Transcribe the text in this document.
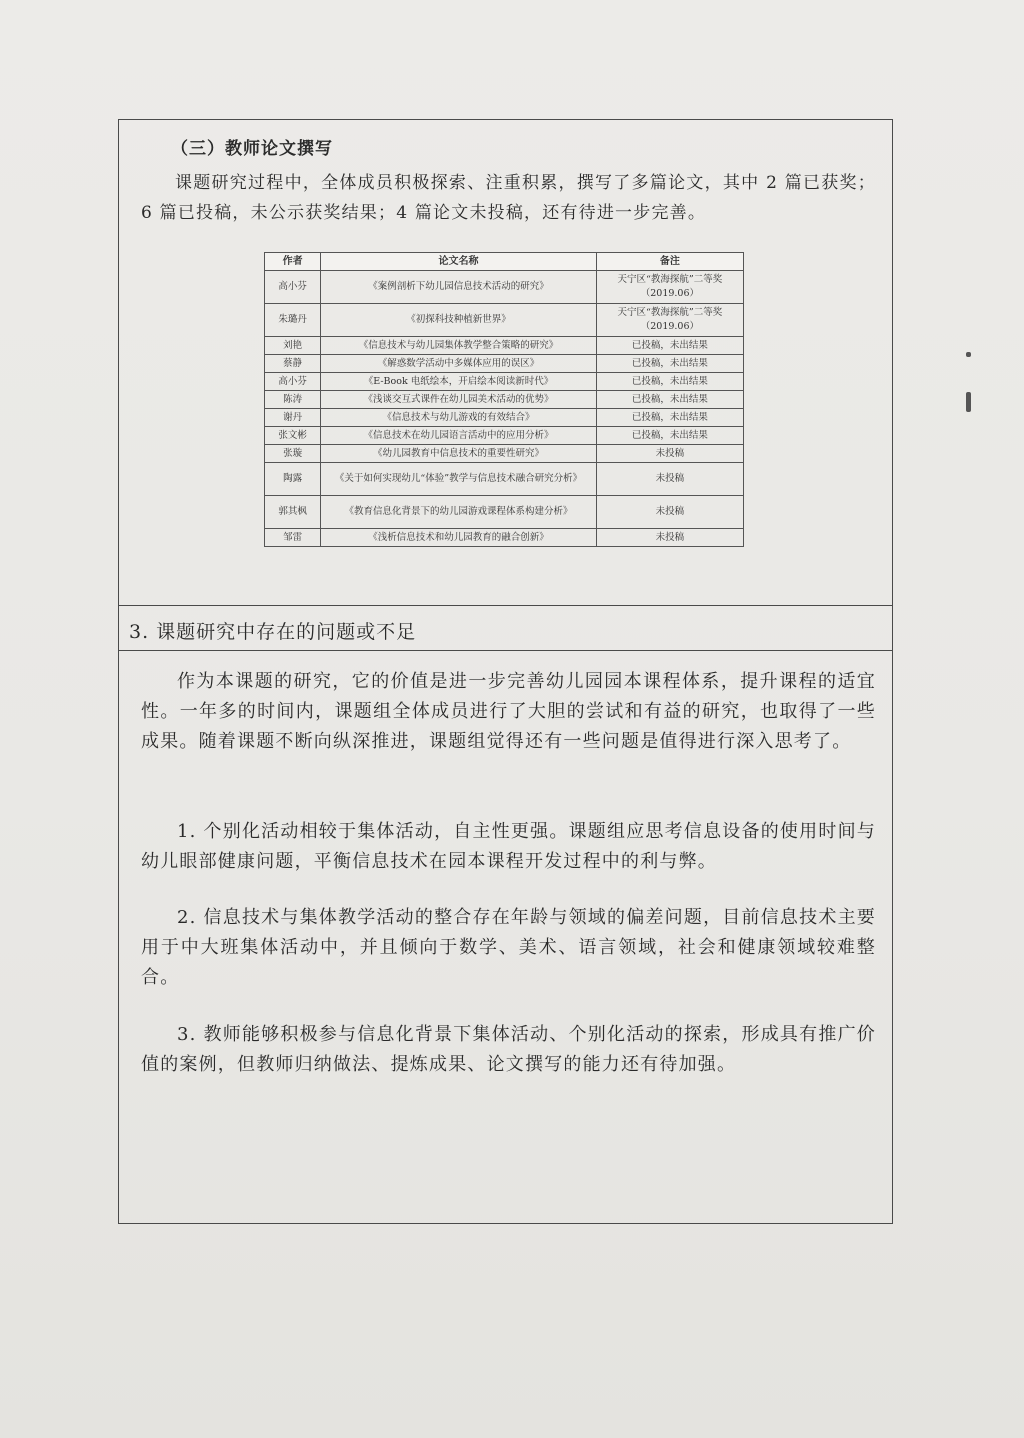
（三）教师论文撰写
课题研究过程中，全体成员积极探索、注重积累，撰写了多篇论文，其中 2 篇已获奖；6 篇已投稿，未公示获奖结果；4 篇论文未投稿，还有待进一步完善。
作者	论文名称	备注
高小芬	《案例剖析下幼儿园信息技术活动的研究》	天宁区“教海探航”二等奖（2019.06）
朱璐丹	《初探科技种植新世界》	天宁区“教海探航”二等奖（2019.06）
刘艳	《信息技术与幼儿园集体教学整合策略的研究》	已投稿，未出结果
蔡静	《解惑数学活动中多媒体应用的误区》	已投稿，未出结果
高小芬	《E-Book 电纸绘本，开启绘本阅读新时代》	已投稿，未出结果
陈涛	《浅谈交互式课件在幼儿园美术活动的优势》	已投稿，未出结果
谢丹	《信息技术与幼儿游戏的有效结合》	已投稿，未出结果
张文彬	《信息技术在幼儿园语言活动中的应用分析》	已投稿，未出结果
张璇	《幼儿园教育中信息技术的重要性研究》	未投稿
陶露	《关于如何实现幼儿“体验”教学与信息技术融合研究分析》	未投稿
郭其枫	《教育信息化背景下的幼儿园游戏课程体系构建分析》	未投稿
邹雷	《浅析信息技术和幼儿园教育的融合创新》	未投稿
3. 课题研究中存在的问题或不足
作为本课题的研究，它的价值是进一步完善幼儿园园本课程体系，提升课程的适宜性。一年多的时间内，课题组全体成员进行了大胆的尝试和有益的研究，也取得了一些成果。随着课题不断向纵深推进，课题组觉得还有一些问题是值得进行深入思考了。
1. 个别化活动相较于集体活动，自主性更强。课题组应思考信息设备的使用时间与幼儿眼部健康问题，平衡信息技术在园本课程开发过程中的利与弊。
2. 信息技术与集体教学活动的整合存在年龄与领域的偏差问题，目前信息技术主要用于中大班集体活动中，并且倾向于数学、美术、语言领域，社会和健康领域较难整合。
3. 教师能够积极参与信息化背景下集体活动、个别化活动的探索，形成具有推广价值的案例，但教师归纳做法、提炼成果、论文撰写的能力还有待加强。
